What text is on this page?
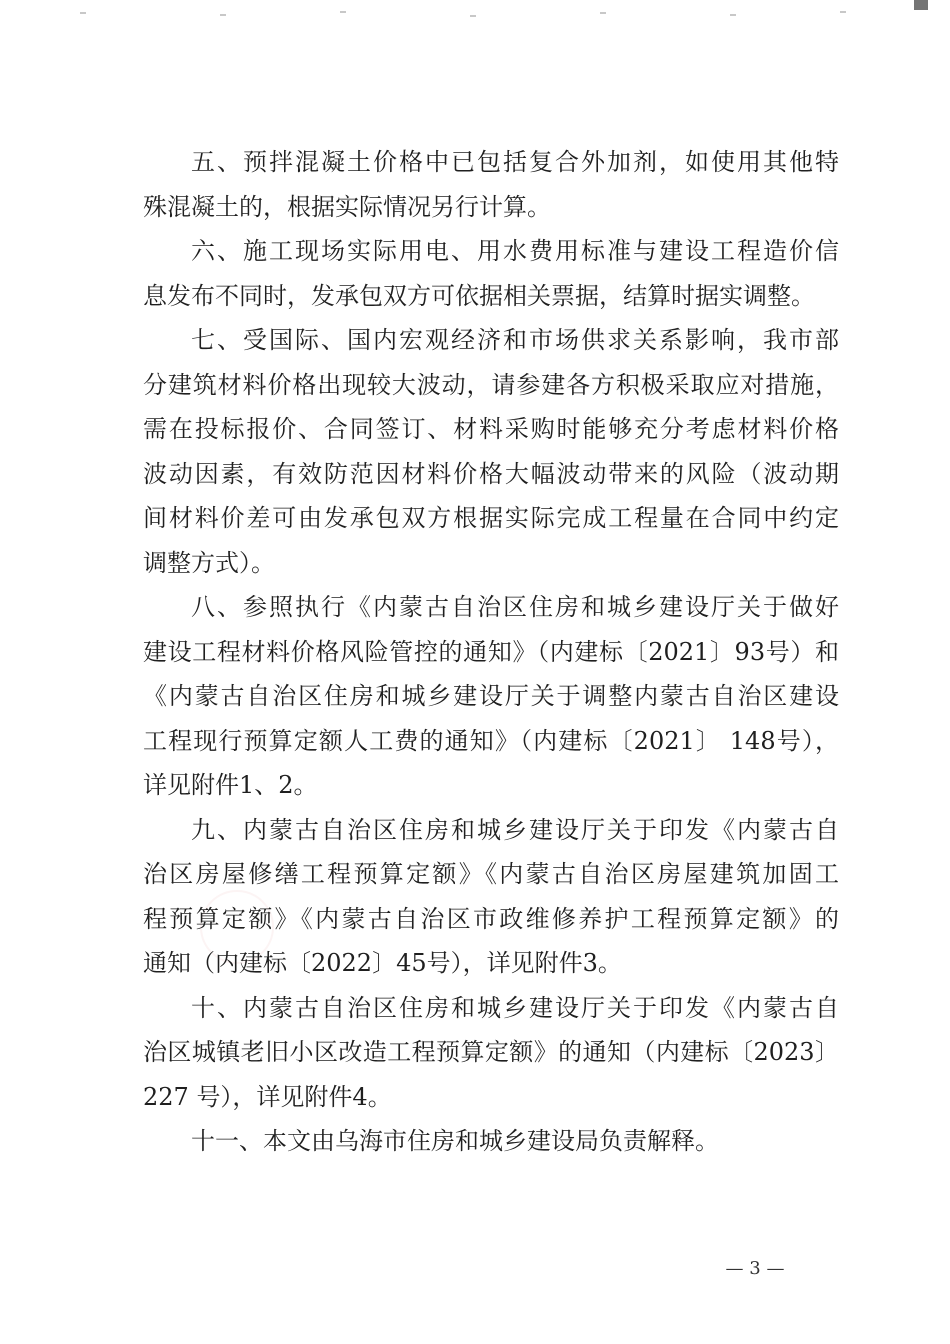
五、预拌混凝土价格中已包括复合外加剂，如使用其他特
殊混凝土的，根据实际情况另行计算。
六、施工现场实际用电、用水费用标准与建设工程造价信
息发布不同时，发承包双方可依据相关票据，结算时据实调整。
七、受国际、国内宏观经济和市场供求关系影响，我市部
分建筑材料价格出现较大波动，请参建各方积极采取应对措施，
需在投标报价、合同签订、材料采购时能够充分考虑材料价格
波动因素，有效防范因材料价格大幅波动带来的风险（波动期
间材料价差可由发承包双方根据实际完成工程量在合同中约定
调整方式）。
八、参照执行《内蒙古自治区住房和城乡建设厅关于做好
建设工程材料价格风险管控的通知》（内建标〔2021〕93号）和
《内蒙古自治区住房和城乡建设厅关于调整内蒙古自治区建设
工程现行预算定额人工费的通知》（内建标〔2021〕 148号），
详见附件1、2。
九、内蒙古自治区住房和城乡建设厅关于印发《内蒙古自
治区房屋修缮工程预算定额》《内蒙古自治区房屋建筑加固工
程预算定额》《内蒙古自治区市政维修养护工程预算定额》的
通知（内建标〔2022〕45号），详见附件3。
十、内蒙古自治区住房和城乡建设厅关于印发《内蒙古自
治区城镇老旧小区改造工程预算定额》的通知（内建标〔2023〕
227 号），详见附件4。
十一、本文由乌海市住房和城乡建设局负责解释。
— 3 —
